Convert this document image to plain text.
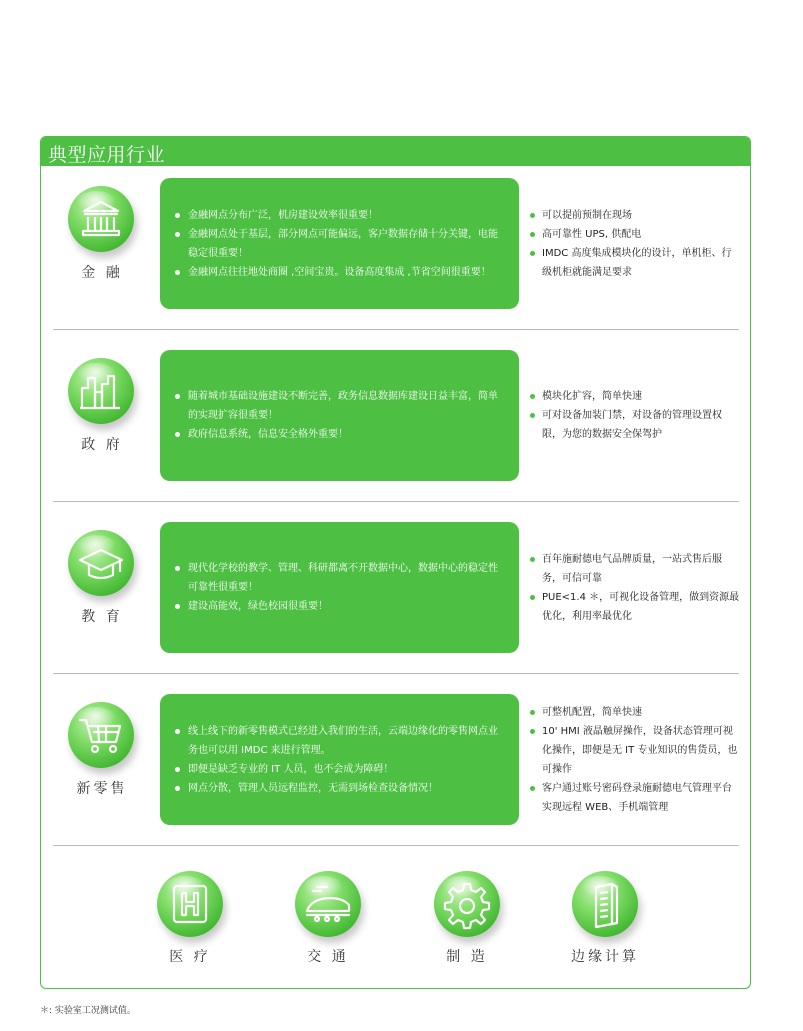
典型应用行业
金 融
金融网点分布广泛，机房建设效率很重要！
金融网点处于基层，部分网点可能偏远，客户数据存储十分关键，电能稳定很重要！
金融网点往往地处商圈 ,空间宝贵。设备高度集成 ,节省空间很重要！
可以提前预制在现场
高可靠性 UPS, 供配电
IMDC 高度集成模块化的设计，单机柜、行级机柜就能满足要求
政 府
随着城市基础设施建设不断完善，政务信息数据库建设日益丰富，简单的实现扩容很重要！
政府信息系统，信息安全格外重要！
模块化扩容，简单快速
可对设备加装门禁，对设备的管理设置权限，为您的数据安全保驾护
教 育
现代化学校的教学、管理、科研都离不开数据中心，数据中心的稳定性可靠性很重要！
建设高能效，绿色校园很重要！
百年施耐德电气品牌质量，一站式售后服务，可信可靠
PUE<1.4 ＊，可视化设备管理，做到资源最优化，利用率最优化
新零售
线上线下的新零售模式已经进入我们的生活，云端边缘化的零售网点业务也可以用 IMDC 来进行管理。
即便是缺乏专业的 IT 人员，也不会成为障碍！
网点分散，管理人员远程监控，无需到场检查设备情况！
可整机配置，简单快速
10' HMI 液晶触屏操作，设备状态管理可视化操作，即便是无 IT 专业知识的售货员，也可操作
客户通过账号密码登录施耐德电气管理平台实现远程 WEB、手机端管理
医 疗	交 通	制 造	边缘计算
＊: 实验室工况测试值。
